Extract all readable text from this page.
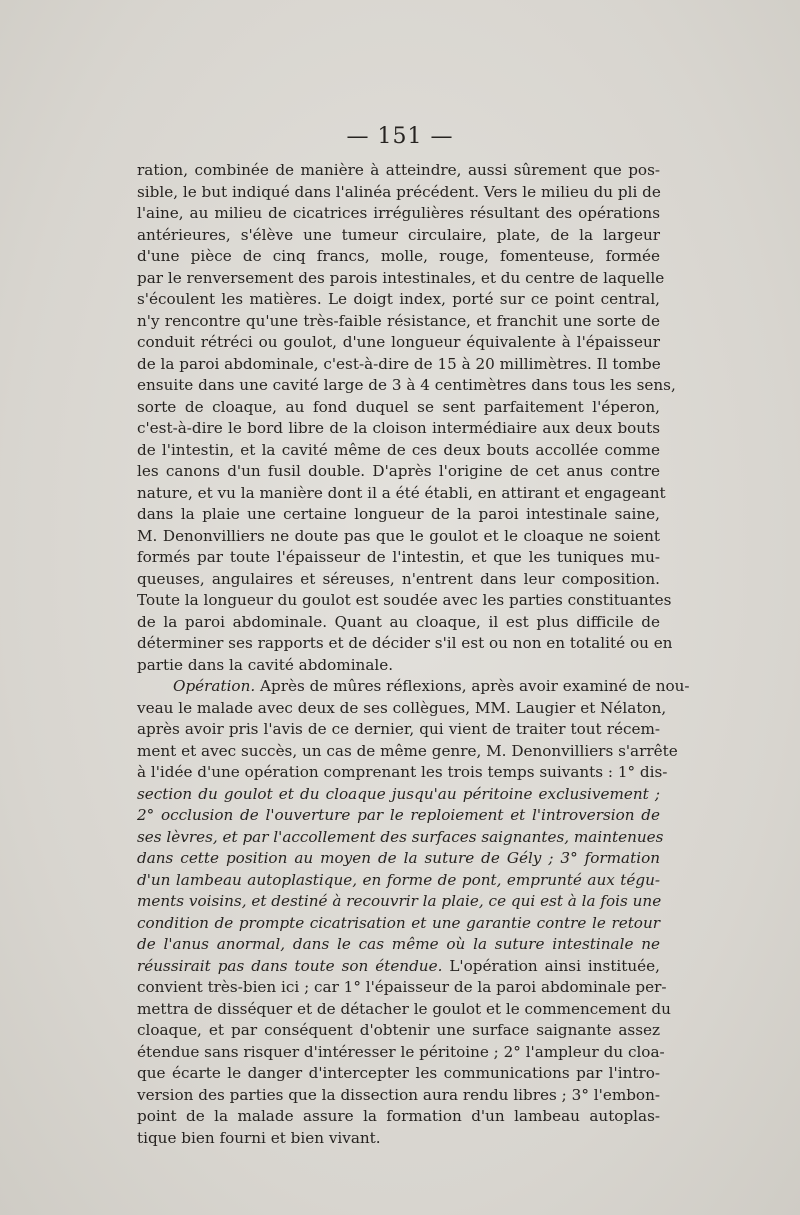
— 151 —
ration, combinée de manière à atteindre, aussi sûrement que pos-
sible, le but indiqué dans l'alinéa précédent. Vers le milieu du pli de
l'aine, au milieu de cicatrices irrégulières résultant des opérations
antérieures, s'élève une tumeur circulaire, plate, de la largeur
d'une pièce de cinq francs, molle, rouge, fomenteuse, formée
par le renversement des parois intestinales, et du centre de laquelle
s'écoulent les matières. Le doigt index, porté sur ce point central,
n'y rencontre qu'une très-faible résistance, et franchit une sorte de
conduit rétréci ou goulot, d'une longueur équivalente à l'épaisseur
de la paroi abdominale, c'est-à-dire de 15 à 20 millimètres. Il tombe
ensuite dans une cavité large de 3 à 4 centimètres dans tous les sens,
sorte de cloaque, au fond duquel se sent parfaitement l'éperon,
c'est-à-dire le bord libre de la cloison intermédiaire aux deux bouts
de l'intestin, et la cavité même de ces deux bouts accollée comme
les canons d'un fusil double. D'après l'origine de cet anus contre
nature, et vu la manière dont il a été établi, en attirant et engageant
dans la plaie une certaine longueur de la paroi intestinale saine,
M. Denonvilliers ne doute pas que le goulot et le cloaque ne soient
formés par toute l'épaisseur de l'intestin, et que les tuniques mu-
queuses, angulaires et séreuses, n'entrent dans leur composition.
Toute la longueur du goulot est soudée avec les parties constituantes
de la paroi abdominale. Quant au cloaque, il est plus difficile de
déterminer ses rapports et de décider s'il est ou non en totalité ou en
partie dans la cavité abdominale.
Opération. Après de mûres réflexions, après avoir examiné de nou-
veau le malade avec deux de ses collègues, MM. Laugier et Nélaton,
après avoir pris l'avis de ce dernier, qui vient de traiter tout récem-
ment et avec succès, un cas de même genre, M. Denonvilliers s'arrête
à l'idée d'une opération comprenant les trois temps suivants : 1° dis-
section du goulot et du cloaque jusqu'au péritoine exclusivement ;
2° occlusion de l'ouverture par le reploiement et l'introversion de
ses lèvres, et par l'accollement des surfaces saignantes, maintenues
dans cette position au moyen de la suture de Gély ; 3° formation
d'un lambeau autoplastique, en forme de pont, emprunté aux tégu-
ments voisins, et destiné à recouvrir la plaie, ce qui est à la fois une
condition de prompte cicatrisation et une garantie contre le retour
de l'anus anormal, dans le cas même où la suture intestinale ne
réussirait pas dans toute son étendue. L'opération ainsi instituée,
convient très-bien ici ; car 1° l'épaisseur de la paroi abdominale per-
mettra de disséquer et de détacher le goulot et le commencement du
cloaque, et par conséquent d'obtenir une surface saignante assez
étendue sans risquer d'intéresser le péritoine ; 2° l'ampleur du cloa-
que écarte le danger d'intercepter les communications par l'intro-
version des parties que la dissection aura rendu libres ; 3° l'embon-
point de la malade assure la formation d'un lambeau autoplas-
tique bien fourni et bien vivant.
